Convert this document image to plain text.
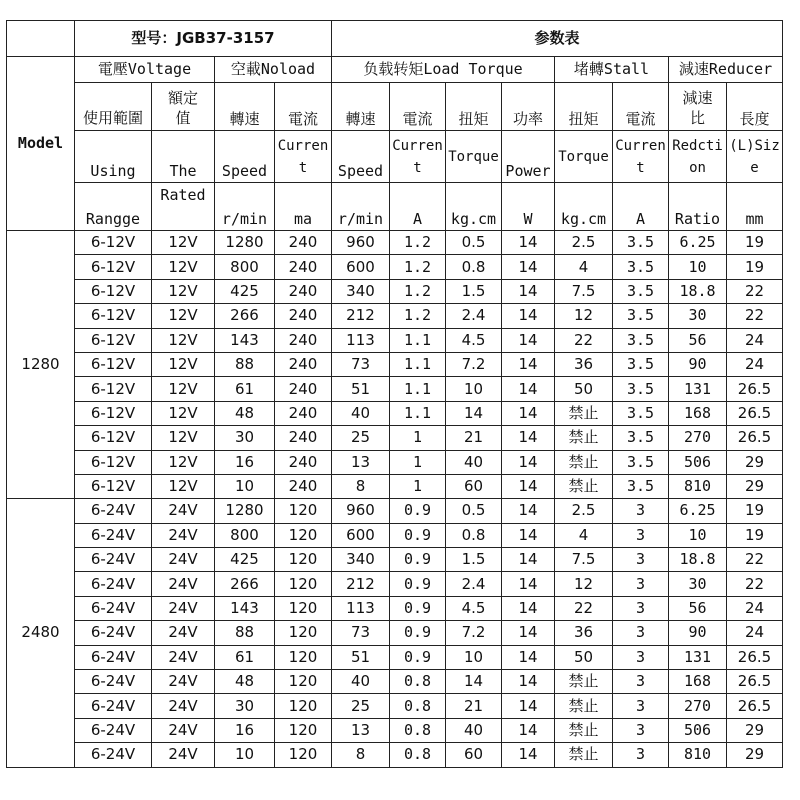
	型号：JGB37-3157				参数表							
Model	電壓Voltage		空載Noload		负载转矩Load Torque				堵轉Stall		減速Reducer	
	使用範圍	額定值	轉速	電流	轉速	電流	扭矩	功率	扭矩	電流	減速比	長度
	Using	The	Speed	Current	Speed	Current	Torque	Power	Torque	Current	Redction	(L)Size
	Rangge	Rated	r/min	ma	r/min	A	kg.cm	W	kg.cm	A	Ratio	mm
1280	6-12V	12V	1280	240	960	1.2	0.5	14	2.5	3.5	6.25	19
	6-12V	12V	800	240	600	1.2	0.8	14	4	3.5	10	19
	6-12V	12V	425	240	340	1.2	1.5	14	7.5	3.5	18.8	22
	6-12V	12V	266	240	212	1.2	2.4	14	12	3.5	30	22
	6-12V	12V	143	240	113	1.1	4.5	14	22	3.5	56	24
	6-12V	12V	88	240	73	1.1	7.2	14	36	3.5	90	24
	6-12V	12V	61	240	51	1.1	10	14	50	3.5	131	26.5
	6-12V	12V	48	240	40	1.1	14	14	禁止	3.5	168	26.5
	6-12V	12V	30	240	25	1	21	14	禁止	3.5	270	26.5
	6-12V	12V	16	240	13	1	40	14	禁止	3.5	506	29
	6-12V	12V	10	240	8	1	60	14	禁止	3.5	810	29
2480	6-24V	24V	1280	120	960	0.9	0.5	14	2.5	3	6.25	19
	6-24V	24V	800	120	600	0.9	0.8	14	4	3	10	19
	6-24V	24V	425	120	340	0.9	1.5	14	7.5	3	18.8	22
	6-24V	24V	266	120	212	0.9	2.4	14	12	3	30	22
	6-24V	24V	143	120	113	0.9	4.5	14	22	3	56	24
	6-24V	24V	88	120	73	0.9	7.2	14	36	3	90	24
	6-24V	24V	61	120	51	0.9	10	14	50	3	131	26.5
	6-24V	24V	48	120	40	0.8	14	14	禁止	3	168	26.5
	6-24V	24V	30	120	25	0.8	21	14	禁止	3	270	26.5
	6-24V	24V	16	120	13	0.8	40	14	禁止	3	506	29
	6-24V	24V	10	120	8	0.8	60	14	禁止	3	810	29
